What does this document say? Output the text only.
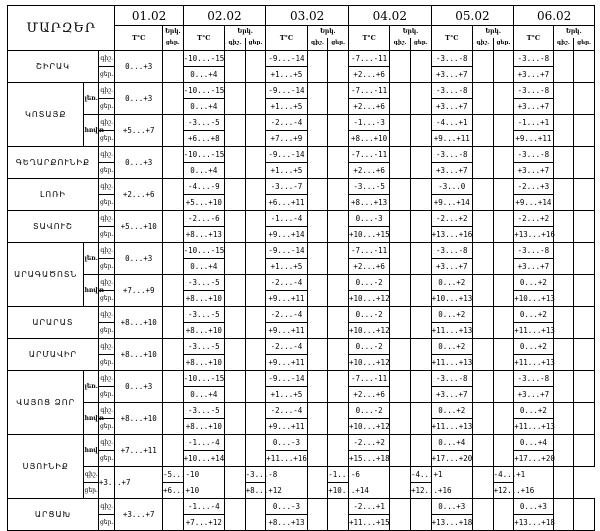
ՄԱՐԶԵՐ			01.02		02.02			03.02			04.02			05.02			06.02		
			T°C	Երկ.	T°C	Երկ.		T°C	Երկ.		T°C	Երկ.		T°C	Երկ.		T°C	Երկ.	
				ցեր.		գիշ.	ցեր.		գիշ.	ցեր.		գիշ.	ցեր.		գիշ.	ցեր.		գիշ.	ցեր.
ՇԻՐԱԿ		գիշ.	0...+3		-10...-15			-9...-14			-7...-11			-3...-8			-3...-8	

		ցեր.			0...+4			+1...+5			+2...+6			+3...+7			+3...+7		
ԿՈՏԱՅՔ	լեռ.	գիշ.	0...+3		-10...-15			-9...-14			-7...-11			-3...-8			-3...-8	

		ցեր.			0...+4			+1...+5			+2...+6			+3...+7			+3...+7		
	հովտ	գիշ.	+5...+7		-3...-5			-2...-4			-1...-3			-4...+1			-1...+1	

		ցեր.			+6...+8			+7...+9			+8...+10			+9...+11			+9...+11		
ԳԵՂԱՐՔՈՒՆԻՔ		գիշ.	0...+3		-10...-15			-9...-14			-7...-11			-3...-8			-3...-8	

		ցեր.			0...+4			+1...+5			+2...+6			+3...+7			+3...+7		
ԼՈՌԻ		գիշ.	+2...+6		-4...-9			-3...-7			-3...-5			-3...0			-2...+3	

		ցեր.			+5...+10			+6...+11			+8...+13			+9...+14			+9...+14		
ՏԱՎՈՒՇ		գիշ.	+5...+10		-2...-6			-1...-4			0...-3			-2...+2			-2...+2	

		ցեր.			+8...+13			+9...+14			+10...+15			+13...+16			+13...+16		
ԱՐԱԳԱԾՈՏՆ	լեռ.	գիշ.	0...+3		-10...-15			-9...-14			-7...-11			-3...-8			-3...-8	

		ցեր.			0...+4			+1...+5			+2...+6			+3...+7			+3...+7		
	հովտ	գիշ.	+7...+9		-3...-5			-2...-4			0...-2			0...+2			0...+2	

		ցեր.			+8...+10			+9...+11			+10...+12			+10...+13			+10...+13		
ԱՐԱՐԱՏ		գիշ.	+8...+10		-3...-5			-2...-4			0...-2			0...+2			0...+2	

		ցեր.			+8...+10			+9...+11			+10...+12			+11...+13			+11...+13		
ԱՐՄԱՎԻՐ		գիշ.	+8...+10		-3...-5			-2...-4			0...-2			0...+2			0...+2	

		ցեր.			+8...+10			+9...+11			+10...+12			+11...+13			+11...+13		
ՎԱՅՈՑ ՁՈՐ	լեռ.	գիշ.	0...+3		-10...-15			-9...-14			-7...-11			-3...-8			-3...-8	

		ցեր.			0...+4			+1...+5			+2...+6			+3...+7			+3...+7		
	հովտ	գիշ.	+8...+10		-3...-5			-2...-4			0...-2			0...+2			0...+2	

		ցեր.			+8...+10			+9...+11			+10...+12			+11...+13			+11...+13		
ՍՅՈՒՆԻՔ	հով.	գիշ.	+7...+11		-1...-4			0...-3			-2...+2			0...+4			0...+4	

		ցեր.			+10...+14			+11...+16			+15...+18			+17...+20			+17...+20		
	գիշ.	+3...+7		-5...-10			-3...-8			-1...-6			-4...+1			-4...+1		

	ցեր.			+6...+10			+8...+12			+10...+14			+12...+16			+12...+16			
ԱՐՑԱԽ		գիշ.	+3...+7		-1...-4			0...-3			-2...+1			0...+3			0...+3	

		ցեր.			+7...+12			+8...+13			+11...+15			+13...+18			+13...+18		
